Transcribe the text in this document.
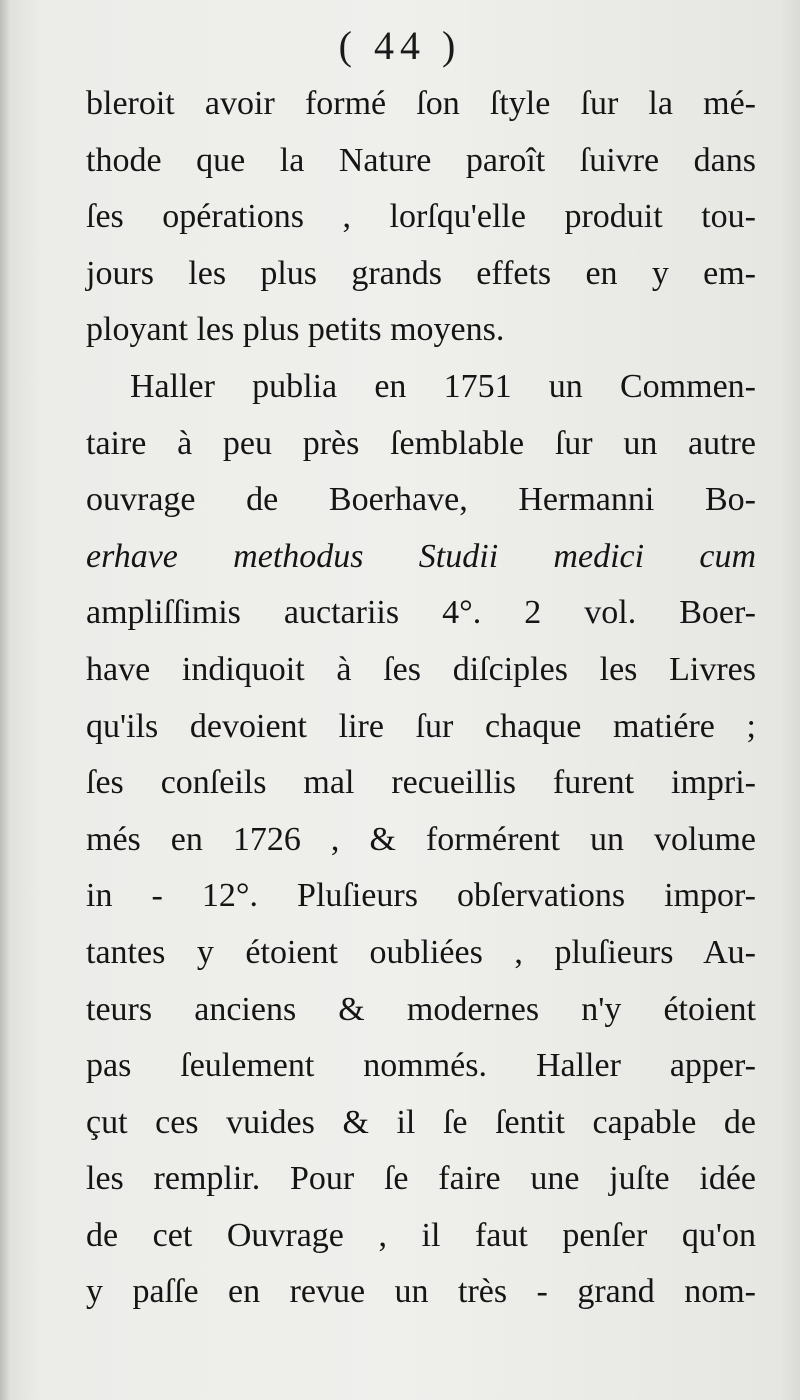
( 44 )
bleroit avoir formé ſon ſtyle ſur la mé-
thode que la Nature paroît ſuivre dans
ſes opérations , lorſqu'elle produit tou-
jours les plus grands effets en y em-
ployant les plus petits moyens.
Haller publia en 1751 un Commen-
taire à peu près ſemblable ſur un autre
ouvrage de Boerhave, Hermanni Bo-
erhave methodus Studii medici cum
ampliſſimis auctariis 4°. 2 vol. Boer-
have indiquoit à ſes diſciples les Livres
qu'ils devoient lire ſur chaque matiére ;
ſes conſeils mal recueillis furent impri-
més en 1726 , & formérent un volume
in - 12°. Pluſieurs obſervations impor-
tantes y étoient oubliées , pluſieurs Au-
teurs anciens & modernes n'y étoient
pas ſeulement nommés. Haller apper-
çut ces vuides & il ſe ſentit capable de
les remplir. Pour ſe faire une juſte idée
de cet Ouvrage , il faut penſer qu'on
y paſſe en revue un très - grand nom-
